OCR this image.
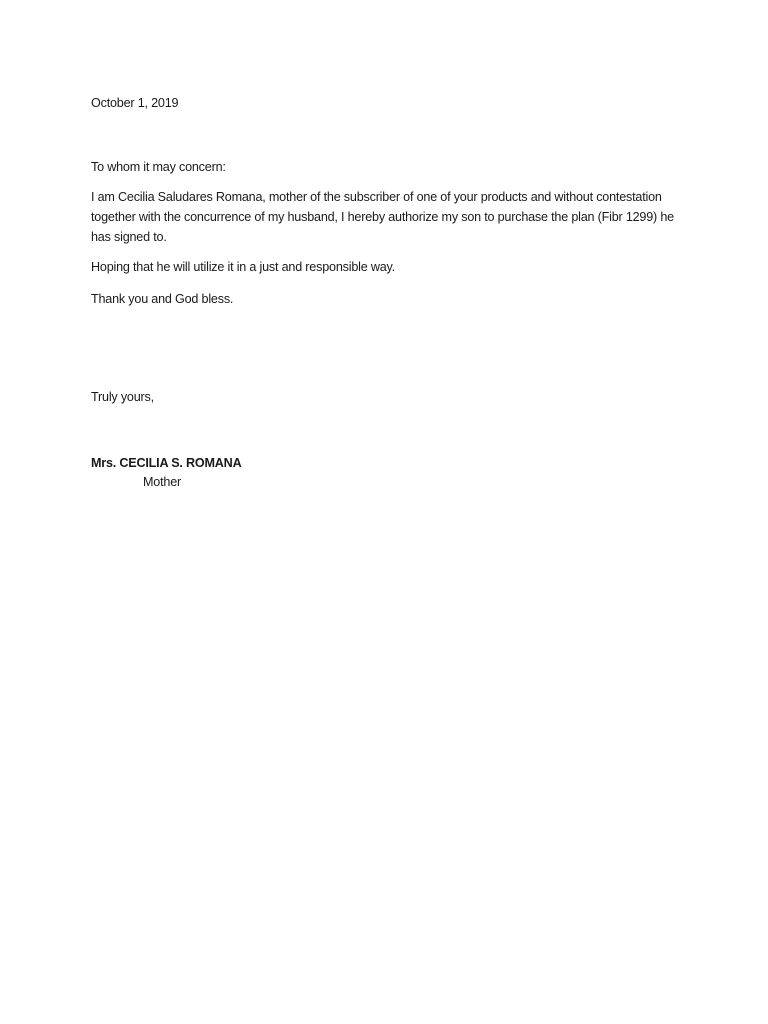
October 1, 2019

To whom it may concern:

I am Cecilia Saludares Romana, mother of the subscriber of one of your products and without contestation together with the concurrence of my husband, I hereby authorize my son to purchase the plan (Fibr 1299) he has signed to.

Hoping that he will utilize it in a just and responsible way.

Thank you and God bless.

Truly yours,

Mrs. CECILIA S. ROMANA

Mother
